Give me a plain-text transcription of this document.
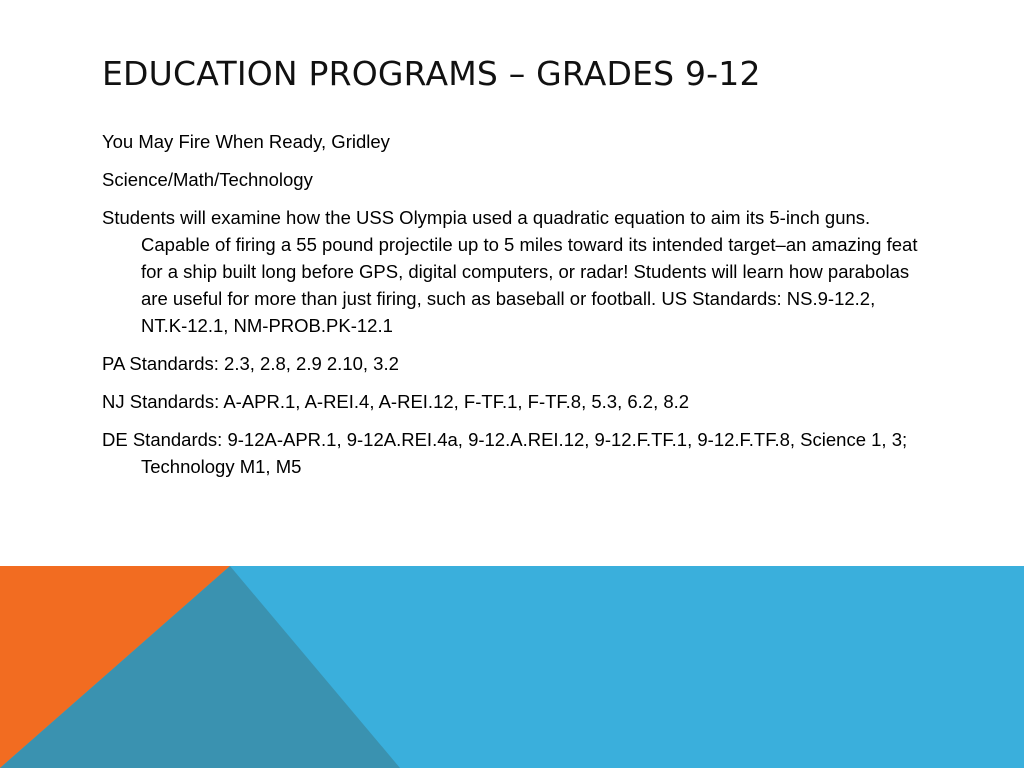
EDUCATION PROGRAMS – GRADES 9-12

You May Fire When Ready, Gridley

Science/Math/Technology

Students will examine how the USS Olympia used a quadratic equation to aim its 5-inch guns. Capable of firing a 55 pound projectile up to 5 miles toward its intended target–an amazing feat for a ship built long before GPS, digital computers, or radar! Students will learn how parabolas are useful for more than just firing, such as baseball or football. US Standards: NS.9-12.2, NT.K-12.1, NM-PROB.PK-12.1

PA Standards: 2.3, 2.8, 2.9 2.10, 3.2

NJ Standards: A-APR.1, A-REI.4, A-REI.12, F-TF.1, F-TF.8, 5.3, 6.2, 8.2

DE Standards: 9-12A-APR.1, 9-12A.REI.4a, 9-12.A.REI.12, 9-12.F.TF.1, 9-12.F.TF.8, Science 1, 3; Technology M1, M5
